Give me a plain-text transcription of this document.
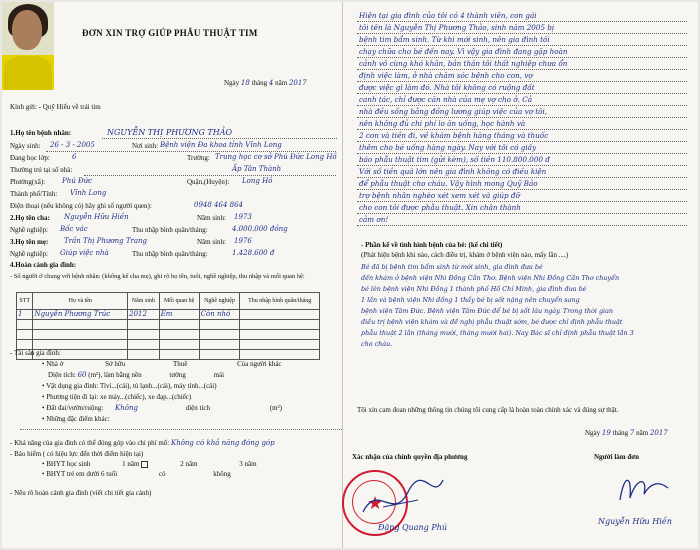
ĐƠN XIN TRỢ GIÚP PHẪU THUẬT TIM
Ngày 18 tháng 4 năm 2017
Kính gửi: - Quỹ Hiếu về trái tim
1.Họ tên bệnh nhân:	NGUYỄN THỊ PHƯƠNG THẢO
Ngày sinh: 26 - 3 - 2005	Nơi sinh: Bệnh viện Đa khoa tỉnh Vĩnh Long
Đang học lớp:	6	Trường: Trung học cơ sở Phú Đức Long Hồ
Thường trú tại số nhà:	Ấp Tân Thành
Phường(xã): Phú Đức	Quận,(Huyện): Long Hồ
Thành phố/Tỉnh: Vĩnh Long
Điện thoại (nếu không có) hãy ghi số người quen):	0948 464 864
2.Họ tên cha: Nguyễn Hữu Hiền	Năm sinh: 1973
Nghề nghiệp: Bốc vác	Thu nhập bình quân/tháng:	4.000.000 đồng
3.Họ tên mẹ: Trần Thị Phương Trang	Năm sinh: 1976
Nghề nghiệp: Giúp việc nhà	Thu nhập bình quân/tháng:	1.428.600 đ
4.Hoàn cảnh gia đình:
- Số người ở chung với bệnh nhân: (không kể cha mẹ), ghi rõ họ tên, tuổi, nghề nghiệp, thu nhập và mối quan hệ:
STT	Họ và tên	Năm sinh	Mối quan hệ	Nghề nghiệp	Thu nhập bình quân/tháng
1	Nguyễn Phương Trúc	2012	Em	Còn nhỏ	

- Tài sản gia đình:
• Nhà ở	Sở hữu	Thuê	Của người khác
Diện tích: 60 (m²), làm bằng nền	tường	mái
• Vật dụng gia đình: Tivi...(cái), tủ lạnh...(cái), máy tính...(cái)
• Phương tiện đi lại: xe máy...(chiếc), xe đạp...(chiếc)
• Đất đai/vườn/ruộng: Không	diện tích	(m²)
• Những đặc điểm khác:
- Khả năng của gia đình có thể đóng góp vào chi phí mổ: Không có khả năng đóng góp
- Bảo hiểm ( có hiệu lực đến thời điểm hiện tại)
• BHYT học sinh	1 năm	2 năm	3 năm
• BHYT trẻ em dưới 6 tuổi	có	không
- Nêu rõ hoàn cảnh gia đình (viết chi tiết gia cảnh)
Hiện tại gia đình của tôi có 4 thành viên, con gái
tôi tên là Nguyễn Thị Phương Thảo, sinh năm 2005 bị
bệnh tim bẩm sinh. Từ khi mới sinh, nên gia đình tôi
chạy chữa cho bé đến nay. Vì vậy gia đình đang gặp hoàn
cảnh vô cùng khó khăn, bản thân tôi thất nghiệp chưa ổn
định việc làm, ở nhà chăm sóc bệnh cho con, vợ
được việc gì làm đó. Nhà tôi không có ruộng đất
canh tác, chỉ được căn nhà của mẹ vợ cho ở. Cả
nhà đều sống bằng đồng lương giúp việc của vợ tôi,
nên không đủ chi phí lo ăn uống, học hành và
2 con và tiền đi, về khám bệnh hàng tháng và thuốc
thêm cho bé uống hàng ngày. Nay với tôi có giấy
báo phẫu thuật tim (gửi kèm), số tiền 110.800.000 đ
Với số tiền quá lớn nên gia đình không có điều kiện
để phẫu thuật cho cháu. Vậy hình mong Quỹ Bảo
trợ bệnh nhân nghèo xét xem xét và giúp đỡ
cho con tôi được phẫu thuật. Xin chân thành
cảm ơn!
- Phần kể về tình hình bệnh của bé: (kể chi tiết)
(Phát hiện bệnh khi nào, cách điều trị, khám ở bệnh viện nào, mấy lần ....)
Bé đã bị bệnh tim bẩm sinh từ mới sinh, gia đình đưa bé
đến khám ở bệnh viện Nhi Đồng Cần Thơ. Bệnh viện Nhi Đồng Cần Thơ chuyển
bé lên bệnh viện Nhi Đồng 1 thành phố Hồ Chí Minh, gia đình đưa bé
1 lần và bệnh viện Nhi đồng 1 thấy bé bị sốt nặng nên chuyển sang
bệnh viện Tâm Đức. Bệnh viện Tâm Đức để bé bị sốt lâu ngày. Trong thời gian
điều trị bệnh viện khám và đề nghị phẫu thuật sớm, bé được chỉ định phẫu thuật
phẫu thuật 2 lần (tháng mười, tháng mười hai). Nay Bác sĩ chỉ định phẫu thuật lần 3
cho cháu.
Tôi xin cam đoan những thông tin chúng tôi cung cấp là hoàn toàn chính xác và đúng sự thật.
Ngày 19 tháng 7 năm 2017
Xác nhận của chính quyền địa phương	Người làm đơn
★
Đặng Quang Phú
Nguyễn Hữu Hiền
